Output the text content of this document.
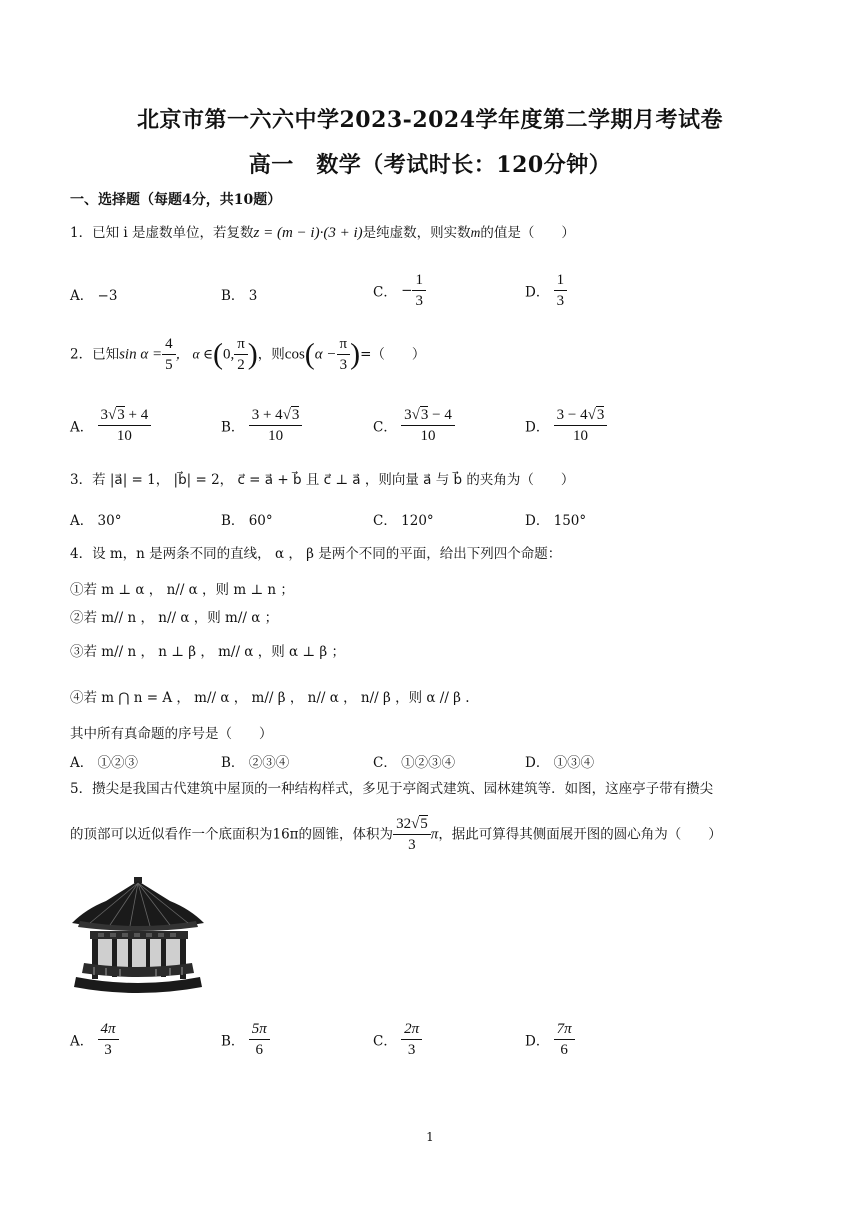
北京市第一六六中学2023-2024学年度第二学期月考试卷
高一　数学（考试时长：120分钟）
一、选择题（每题4分，共10题）
1．已知 i 是虚数单位，若复数z = (m − i)·(3 + i)是纯虚数，则实数m的值是（　　）
A． −3	B． 3	C． − $\frac{1}{3}$	D． $\frac{1}{3}$
2．已知$\sin \alpha = \frac{4}{5}$ ， α ∈(0, $\frac{\pi}{2}$ )，则$\cos(\alpha - \frac{\pi}{3}$ )=（　　）
A． $\frac{3√3 + 4}{10}$	B． $\frac{3 + 4√3}{10}$	C． $\frac{3√3 - 4}{10}$	D． $\frac{3 - 4√3}{10}$
3．若 |a⃗| = 1， |b⃗| = 2， c⃗ = a⃗ + b⃗ 且 c⃗ ⊥ a⃗ ，则向量 a⃗ 与 b⃗ 的夹角为（　　）
A． 30°	B． 60°	C． 120°	D． 150°
4．设 m，n 是两条不同的直线， α ， β 是两个不同的平面，给出下列四个命题：
①若 m ⊥ α ， n// α ，则 m ⊥ n ；
②若 m// n ， n// α ，则 m// α ；
③若 m// n ， n ⊥ β ， m// α ，则 α ⊥ β ；
④若 m ⋂ n = A ， m// α ， m// β ， n// α ， n// β ，则 α // β .
其中所有真命题的序号是（　　）
A． ①②③	B． ②③④	C． ①②③④	D． ①③④
5．攒尖是我国古代建筑中屋顶的一种结构样式，多见于亭阁式建筑、园林建筑等．如图，这座亭子带有攒尖
的顶部可以近似看作一个底面积为16π的圆锥，体积为 $\frac{32√5}{3}$ π，据此可算得其侧面展开图的圆心角为（　　）
A． $\frac{4\pi}{3}$	B． $\frac{5\pi}{6}$	C． $\frac{2\pi}{3}$	D． $\frac{7\pi}{6}$
1
